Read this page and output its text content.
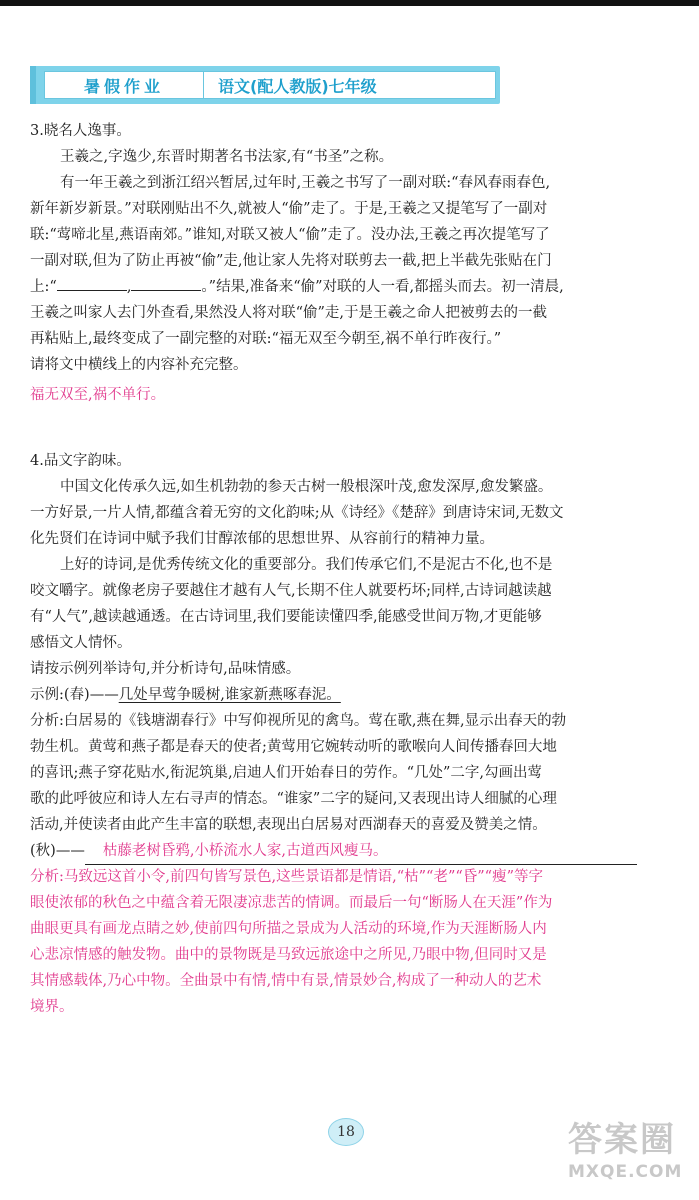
暑假作业	语文(配人教版)七年级
3.晓名人逸事。
王羲之,字逸少,东晋时期著名书法家,有“书圣”之称。
有一年王羲之到浙江绍兴暂居,过年时,王羲之书写了一副对联:“春风春雨春色,
新年新岁新景。”对联刚贴出不久,就被人“偷”走了。于是,王羲之又提笔写了一副对
联:“莺啼北星,燕语南郊。”谁知,对联又被人“偷”走了。没办法,王羲之再次提笔写了
一副对联,但为了防止再被“偷”走,他让家人先将对联剪去一截,把上半截先张贴在门
上:“	,	。”结果,准备来“偷”对联的人一看,都摇头而去。初一清晨,
王羲之叫家人去门外查看,果然没人将对联“偷”走,于是王羲之命人把被剪去的一截
再粘贴上,最终变成了一副完整的对联:“福无双至今朝至,祸不单行昨夜行。”
请将文中横线上的内容补充完整。
福无双至,祸不单行。
4.品文字韵味。
中国文化传承久远,如生机勃勃的参天古树一般根深叶茂,愈发深厚,愈发繁盛。
一方好景,一片人情,都蕴含着无穷的文化韵味;从《诗经》《楚辞》到唐诗宋词,无数文
化先贤们在诗词中赋予我们甘醇浓郁的思想世界、从容前行的精神力量。
上好的诗词,是优秀传统文化的重要部分。我们传承它们,不是泥古不化,也不是
咬文嚼字。就像老房子要越住才越有人气,长期不住人就要朽坏;同样,古诗词越读越
有“人气”,越读越通透。在古诗词里,我们要能读懂四季,能感受世间万物,才更能够
感悟文人情怀。
请按示例列举诗句,并分析诗句,品味情感。
示例:(春)——几处早莺争暖树,谁家新燕啄春泥。
分析:白居易的《钱塘湖春行》中写仰视所见的禽鸟。莺在歌,燕在舞,显示出春天的勃
勃生机。黄莺和燕子都是春天的使者;黄莺用它婉转动听的歌喉向人间传播春回大地
的喜讯;燕子穿花贴水,衔泥筑巢,启迪人们开始春日的劳作。“几处”二字,勾画出莺
歌的此呼彼应和诗人左右寻声的情态。“谁家”二字的疑问,又表现出诗人细腻的心理
活动,并使读者由此产生丰富的联想,表现出白居易对西湖春天的喜爱及赞美之情。
(秋)—— 枯藤老树昏鸦,小桥流水人家,古道西风瘦马。
分析:马致远这首小令,前四句皆写景色,这些景语都是情语,“枯”“老”“昏”“瘦”等字
眼使浓郁的秋色之中蕴含着无限凄凉悲苦的情调。而最后一句“断肠人在天涯”作为
曲眼更具有画龙点睛之妙,使前四句所描之景成为人活动的环境,作为天涯断肠人内
心悲凉情感的触发物。曲中的景物既是马致远旅途中之所见,乃眼中物,但同时又是
其情感载体,乃心中物。全曲景中有情,情中有景,情景妙合,构成了一种动人的艺术
境界。
18	答案圈
MXQE.COM
